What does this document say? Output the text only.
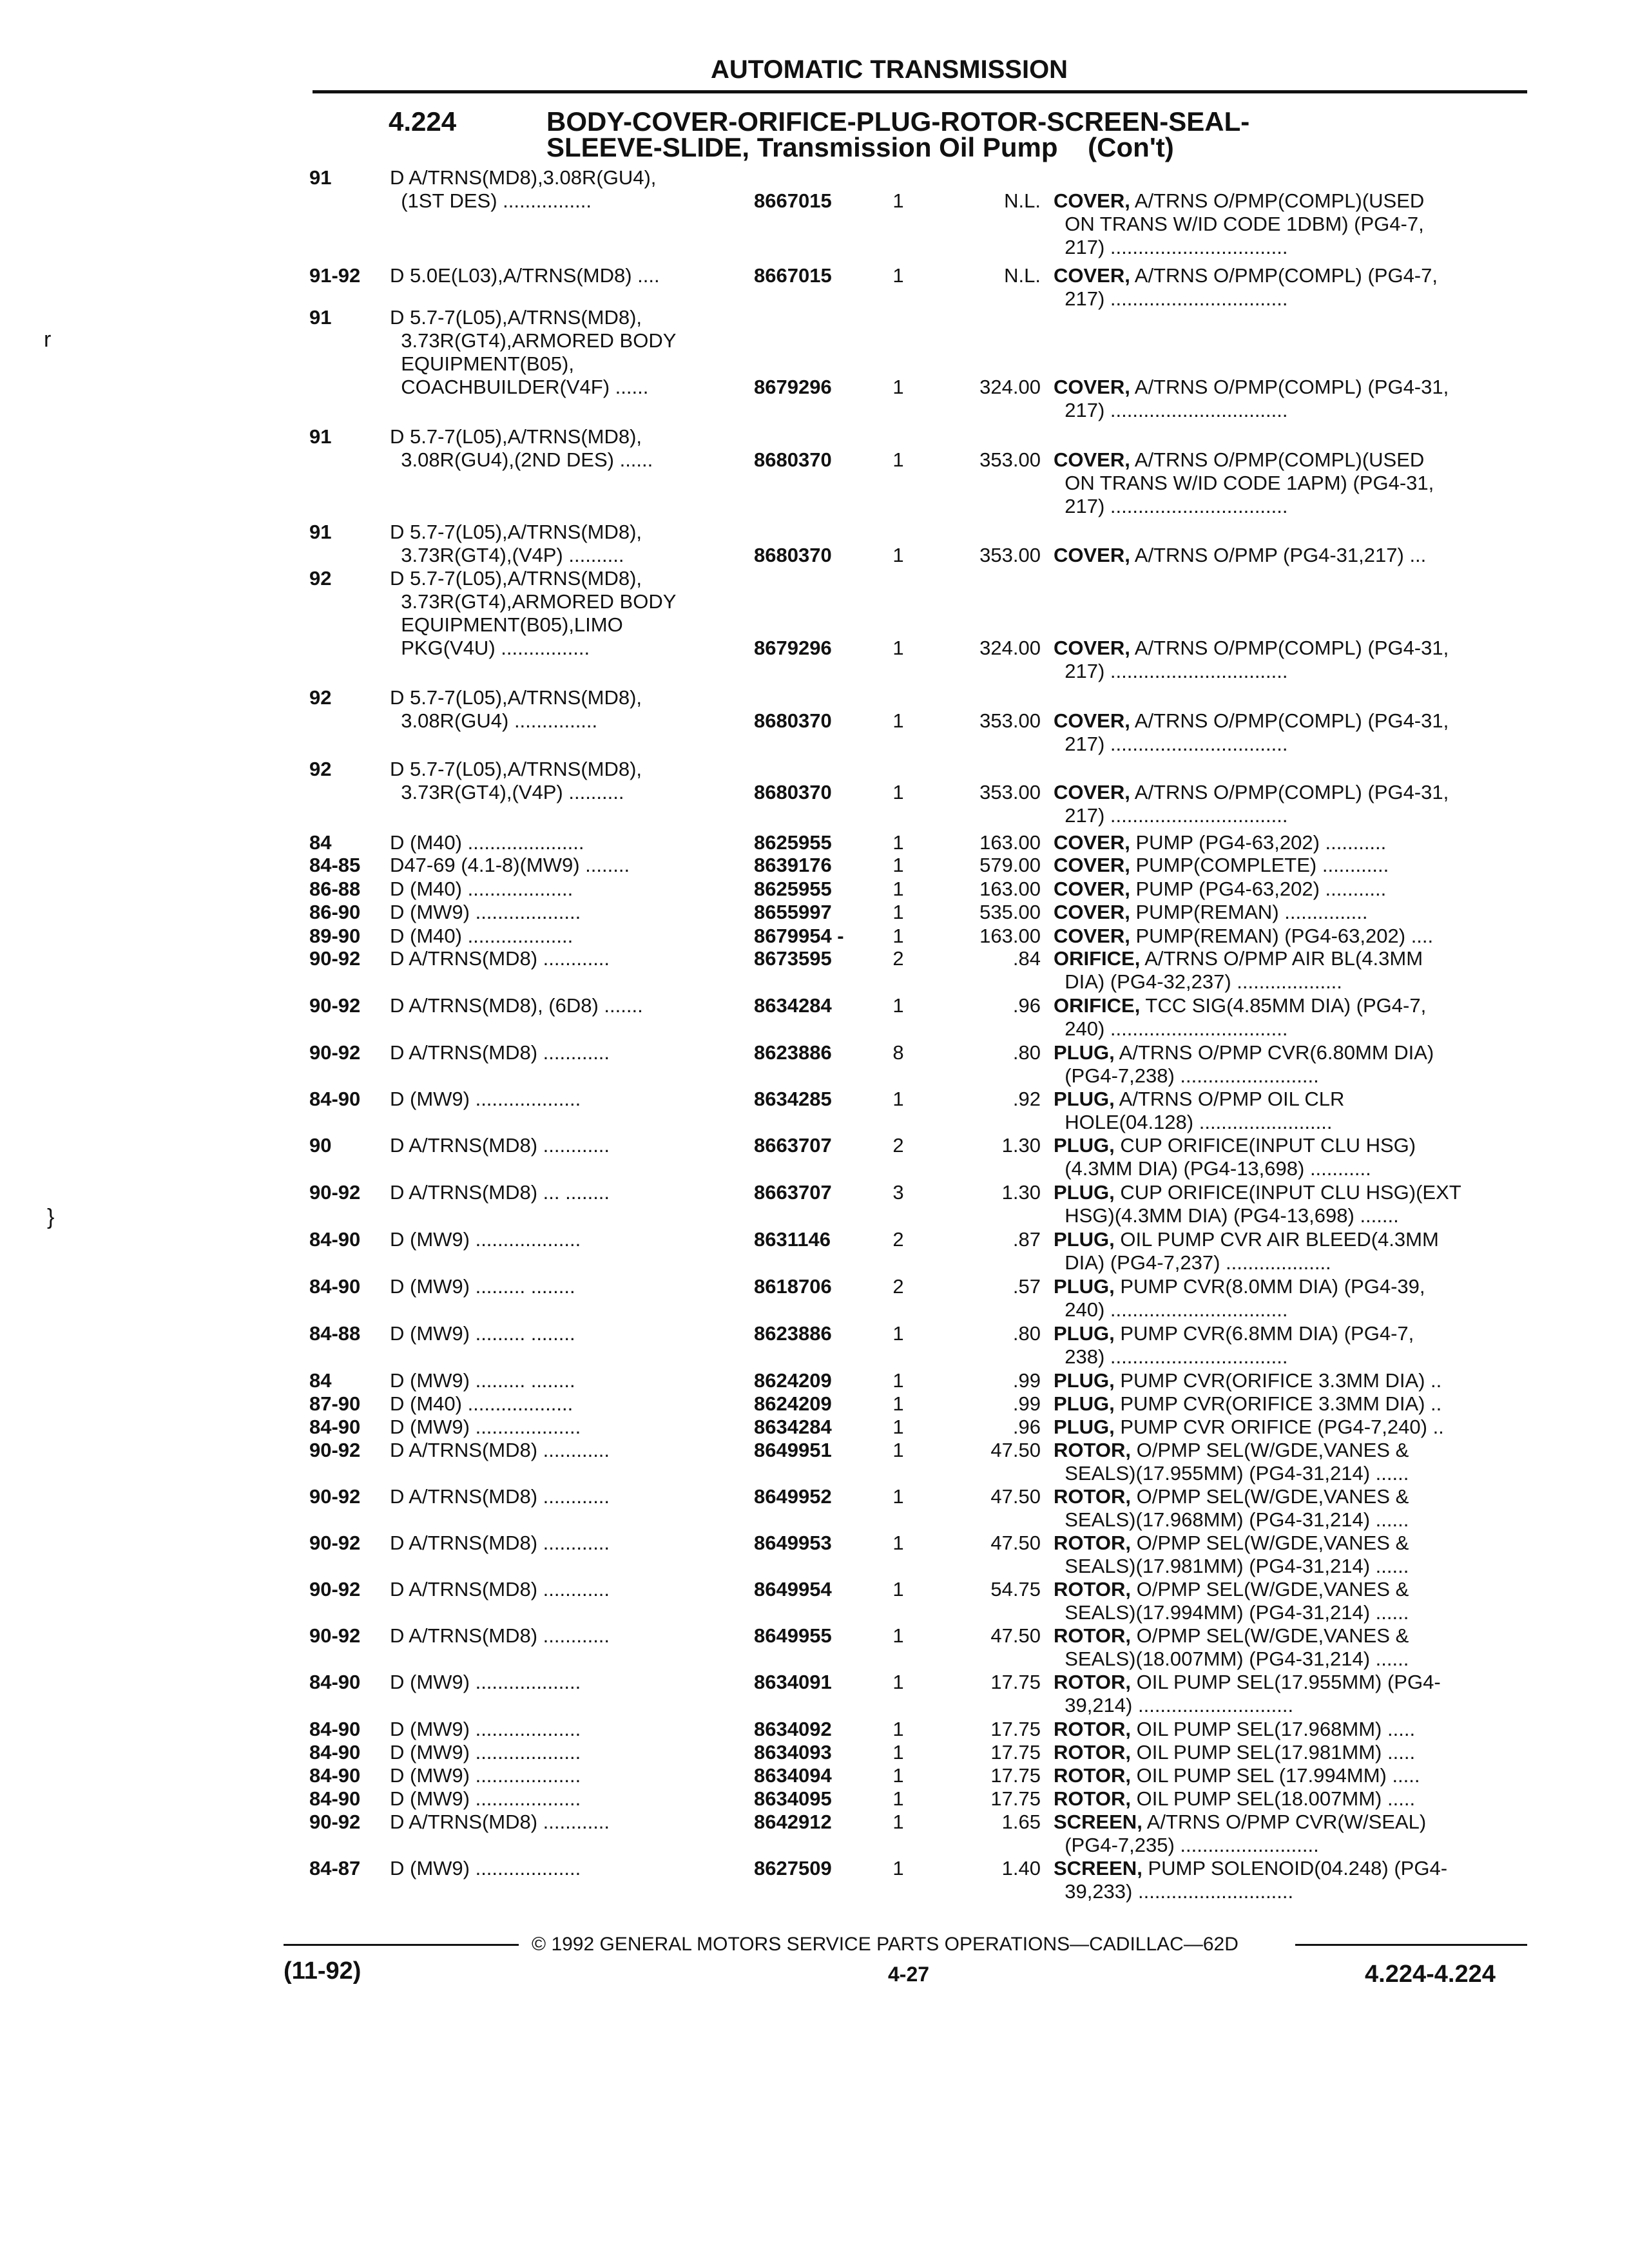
AUTOMATIC TRANSMISSION
4.224	BODY-COVER-ORIFICE-PLUG-ROTOR-SCREEN-SEAL-
SLEEVE-SLIDE, Transmission Oil Pump    (Con't)
r
}
91	D A/TRNS(MD8),3.08R(GU4),
(1ST DES) ................	8667015	1	N.L. COVER, A/TRNS O/PMP(COMPL)(USED
ON TRANS W/ID CODE 1DBM) (PG4-7,
217) ................................
91-92 D 5.0E(L03),A/TRNS(MD8) ....	8667015	1	N.L. COVER, A/TRNS O/PMP(COMPL) (PG4-7,
217) ................................
91	D 5.7-7(L05),A/TRNS(MD8),
3.73R(GT4),ARMORED BODY
EQUIPMENT(B05),
COACHBUILDER(V4F) ......	8679296	1	324.00 COVER, A/TRNS O/PMP(COMPL) (PG4-31,
217) ................................
91	D 5.7-7(L05),A/TRNS(MD8),
3.08R(GU4),(2ND DES) ......	8680370	1	353.00 COVER, A/TRNS O/PMP(COMPL)(USED
ON TRANS W/ID CODE 1APM) (PG4-31,
217) ................................
91	D 5.7-7(L05),A/TRNS(MD8),
3.73R(GT4),(V4P) ..........	8680370	1	353.00 COVER, A/TRNS O/PMP (PG4-31,217) ...
92	D 5.7-7(L05),A/TRNS(MD8),
3.73R(GT4),ARMORED BODY
EQUIPMENT(B05),LIMO
PKG(V4U) ................	8679296	1	324.00 COVER, A/TRNS O/PMP(COMPL) (PG4-31,
217) ................................
92	D 5.7-7(L05),A/TRNS(MD8),
3.08R(GU4) ...............	8680370	1	353.00 COVER, A/TRNS O/PMP(COMPL) (PG4-31,
217) ................................
92	D 5.7-7(L05),A/TRNS(MD8),
3.73R(GT4),(V4P) ..........	8680370	1	353.00 COVER, A/TRNS O/PMP(COMPL) (PG4-31,
217) ................................
84	D (M40) .....................	8625955	1	163.00 COVER, PUMP (PG4-63,202) ...........
84-85 D47-69 (4.1-8)(MW9) ........	8639176	1	579.00 COVER, PUMP(COMPLETE) ............
86-88 D (M40) ...................	8625955	1	163.00 COVER, PUMP (PG4-63,202) ...........
86-90 D (MW9) ...................	8655997	1	535.00 COVER, PUMP(REMAN) ...............
89-90 D (M40) ...................	8679954 -	1	163.00 COVER, PUMP(REMAN) (PG4-63,202) ....
90-92 D A/TRNS(MD8) ............	8673595	2	.84 ORIFICE, A/TRNS O/PMP AIR BL(4.3MM
DIA) (PG4-32,237) ...................
90-92 D A/TRNS(MD8), (6D8) .......	8634284	1	.96 ORIFICE, TCC SIG(4.85MM DIA) (PG4-7,
240) ................................
90-92 D A/TRNS(MD8) ............	8623886	8	.80 PLUG, A/TRNS O/PMP CVR(6.80MM DIA)
(PG4-7,238) .........................
84-90 D (MW9) ...................	8634285	1	.92 PLUG, A/TRNS O/PMP OIL CLR
HOLE(04.128) ........................
90	D A/TRNS(MD8) ............	8663707	2	1.30 PLUG, CUP ORIFICE(INPUT CLU HSG)
(4.3MM DIA) (PG4-13,698) ...........
90-92 D A/TRNS(MD8) ... ........	8663707	3	1.30 PLUG, CUP ORIFICE(INPUT CLU HSG)(EXT
HSG)(4.3MM DIA) (PG4-13,698) .......
84-90 D (MW9) ...................	8631146	2	.87 PLUG, OIL PUMP CVR AIR BLEED(4.3MM
DIA) (PG4-7,237) ...................
84-90 D (MW9) ......... ........	8618706	2	.57 PLUG, PUMP CVR(8.0MM DIA) (PG4-39,
240) ................................
84-88 D (MW9) ......... ........	8623886	1	.80 PLUG, PUMP CVR(6.8MM DIA) (PG4-7,
238) ................................
84	D (MW9) ......... ........	8624209	1	.99 PLUG, PUMP CVR(ORIFICE 3.3MM DIA) ..
87-90 D (M40) ...................	8624209	1	.99 PLUG, PUMP CVR(ORIFICE 3.3MM DIA) ..
84-90 D (MW9) ...................	8634284	1	.96 PLUG, PUMP CVR ORIFICE (PG4-7,240) ..
90-92 D A/TRNS(MD8) ............	8649951	1	47.50 ROTOR, O/PMP SEL(W/GDE,VANES &
SEALS)(17.955MM) (PG4-31,214) ......
90-92 D A/TRNS(MD8) ............	8649952	1	47.50 ROTOR, O/PMP SEL(W/GDE,VANES &
SEALS)(17.968MM) (PG4-31,214) ......
90-92 D A/TRNS(MD8) ............	8649953	1	47.50 ROTOR, O/PMP SEL(W/GDE,VANES &
SEALS)(17.981MM) (PG4-31,214) ......
90-92 D A/TRNS(MD8) ............	8649954	1	54.75 ROTOR, O/PMP SEL(W/GDE,VANES &
SEALS)(17.994MM) (PG4-31,214) ......
90-92 D A/TRNS(MD8) ............	8649955	1	47.50 ROTOR, O/PMP SEL(W/GDE,VANES &
SEALS)(18.007MM) (PG4-31,214) ......
84-90 D (MW9) ...................	8634091	1	17.75 ROTOR, OIL PUMP SEL(17.955MM) (PG4-
39,214) ............................
84-90 D (MW9) ...................	8634092	1	17.75 ROTOR, OIL PUMP SEL(17.968MM) .....
84-90 D (MW9) ...................	8634093	1	17.75 ROTOR, OIL PUMP SEL(17.981MM) .....
84-90 D (MW9) ...................	8634094	1	17.75 ROTOR, OIL PUMP SEL (17.994MM) .....
84-90 D (MW9) ...................	8634095	1	17.75 ROTOR, OIL PUMP SEL(18.007MM) .....
90-92 D A/TRNS(MD8) ............	8642912	1	1.65 SCREEN, A/TRNS O/PMP CVR(W/SEAL)
(PG4-7,235) .........................
84-87 D (MW9) ...................	8627509	1	1.40 SCREEN, PUMP SOLENOID(04.248) (PG4-
39,233) ............................
© 1992 GENERAL MOTORS SERVICE PARTS OPERATIONS—CADILLAC—62D
(11-92)	4-27	4.224-4.224
